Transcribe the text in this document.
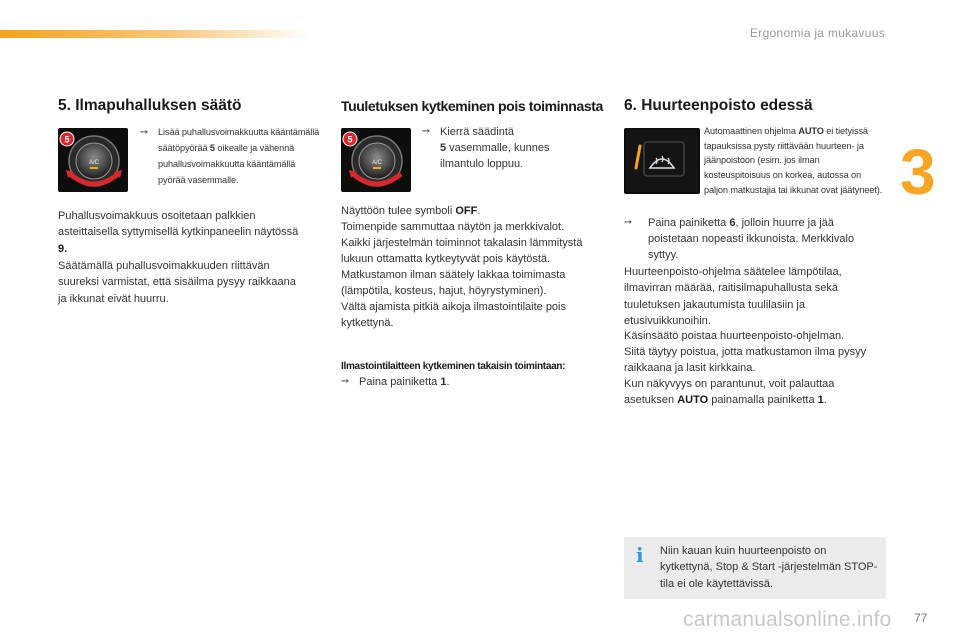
Ergonomia ja mukavuus
3
5. Ilmapuhalluksen säätö
A/C
5
➙	Lisää puhallusvoimakkuutta kääntämällä säätöpyörää 5 oikealle ja vähennä puhallusvoimakkuutta kääntämällä pyörää vasemmalle.

Puhallusvoimakkuus osoitetaan palkkien asteittaisella syttymisellä kytkinpaneelin näytössä 9.

Säätämällä puhallusvoimakkuuden riittävän suureksi varmistat, että sisäilma pysyy raikkaana ja ikkunat eivät huurru.

Tuuletuksen kytkeminen pois toiminnasta
A/C
5
➙ Kierrä säädintä
5 vasemmalle, kunnes ilmantulo loppuu.

Näyttöön tulee symboli OFF.

Toimenpide sammuttaa näytön ja merkkivalot.

Kaikki järjestelmän toiminnot takalasin lämmitystä lukuun ottamatta kytkeytyvät pois käytöstä.

Matkustamon ilman säätely lakkaa toimimasta (lämpötila, kosteus, hajut, höyrystyminen).

Vältä ajamista pitkiä aikoja ilmastointilaite pois kytkettynä.

Ilmastointilaitteen kytkeminen takaisin toimintaan:
➙ Paina painiketta 1.
6. Huurteenpoisto edessä
Automaattinen ohjelma AUTO ei tietyissä tapauksissa pysty riittävään huurteen- ja jäänpoistoon (esim. jos ilman kosteuspitoisuus on korkea, autossa on paljon matkustajia tai ikkunat ovat jäätyneet).
➙	Paina painiketta 6, jolloin huurre ja jää poistetaan nopeasti ikkunoista. Merkkivalo syttyy.

Huurteenpoisto-ohjelma säätelee lämpötilaa, ilmavirran määrää, raitisilmapuhallusta sekä tuuletuksen jakautumista tuulilasiin ja etusivuikkunoihin.

Käsinsäätö poistaa huurteenpoisto-ohjelman.

Siitä täytyy poistua, jotta matkustamon ilma pysyy raikkaana ja lasit kirkkaina.

Kun näkyvyys on parantunut, voit palauttaa asetuksen AUTO painamalla painiketta 1.

i Niin kauan kuin huurteenpoisto on kytkettynä, Stop & Start -järjestelmän STOP-tila ei ole käytettävissä.
carmanualsonline.info 77
